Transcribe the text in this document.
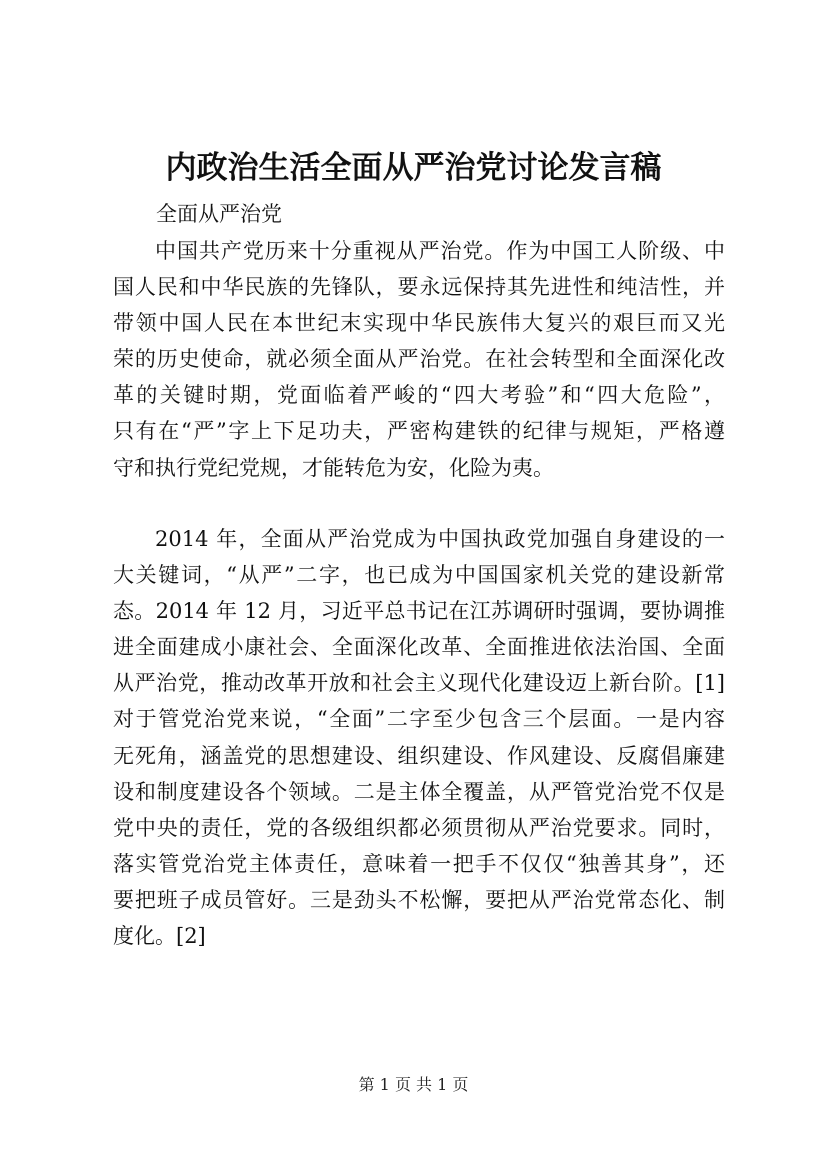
内政治生活全面从严治党讨论发言稿
全面从严治党
中国共产党历来十分重视从严治党。作为中国工人阶级、中
国人民和中华民族的先锋队，要永远保持其先进性和纯洁性，并
带领中国人民在本世纪末实现中华民族伟大复兴的艰巨而又光
荣的历史使命，就必须全面从严治党。在社会转型和全面深化改
革的关键时期，党面临着严峻的“四大考验”和“四大危险”，
只有在“严”字上下足功夫，严密构建铁的纪律与规矩，严格遵
守和执行党纪党规，才能转危为安，化险为夷。
2014 年，全面从严治党成为中国执政党加强自身建设的一
大关键词，“从严”二字，也已成为中国国家机关党的建设新常
态。2014 年 12 月，习近平总书记在江苏调研时强调，要协调推
进全面建成小康社会、全面深化改革、全面推进依法治国、全面
从严治党，推动改革开放和社会主义现代化建设迈上新台阶。[1]
对于管党治党来说，“全面”二字至少包含三个层面。一是内容
无死角，涵盖党的思想建设、组织建设、作风建设、反腐倡廉建
设和制度建设各个领域。二是主体全覆盖，从严管党治党不仅是
党中央的责任，党的各级组织都必须贯彻从严治党要求。同时，
落实管党治党主体责任，意味着一把手不仅仅“独善其身”，还
要把班子成员管好。三是劲头不松懈，要把从严治党常态化、制
度化。[2]
第 1 页 共 1 页
